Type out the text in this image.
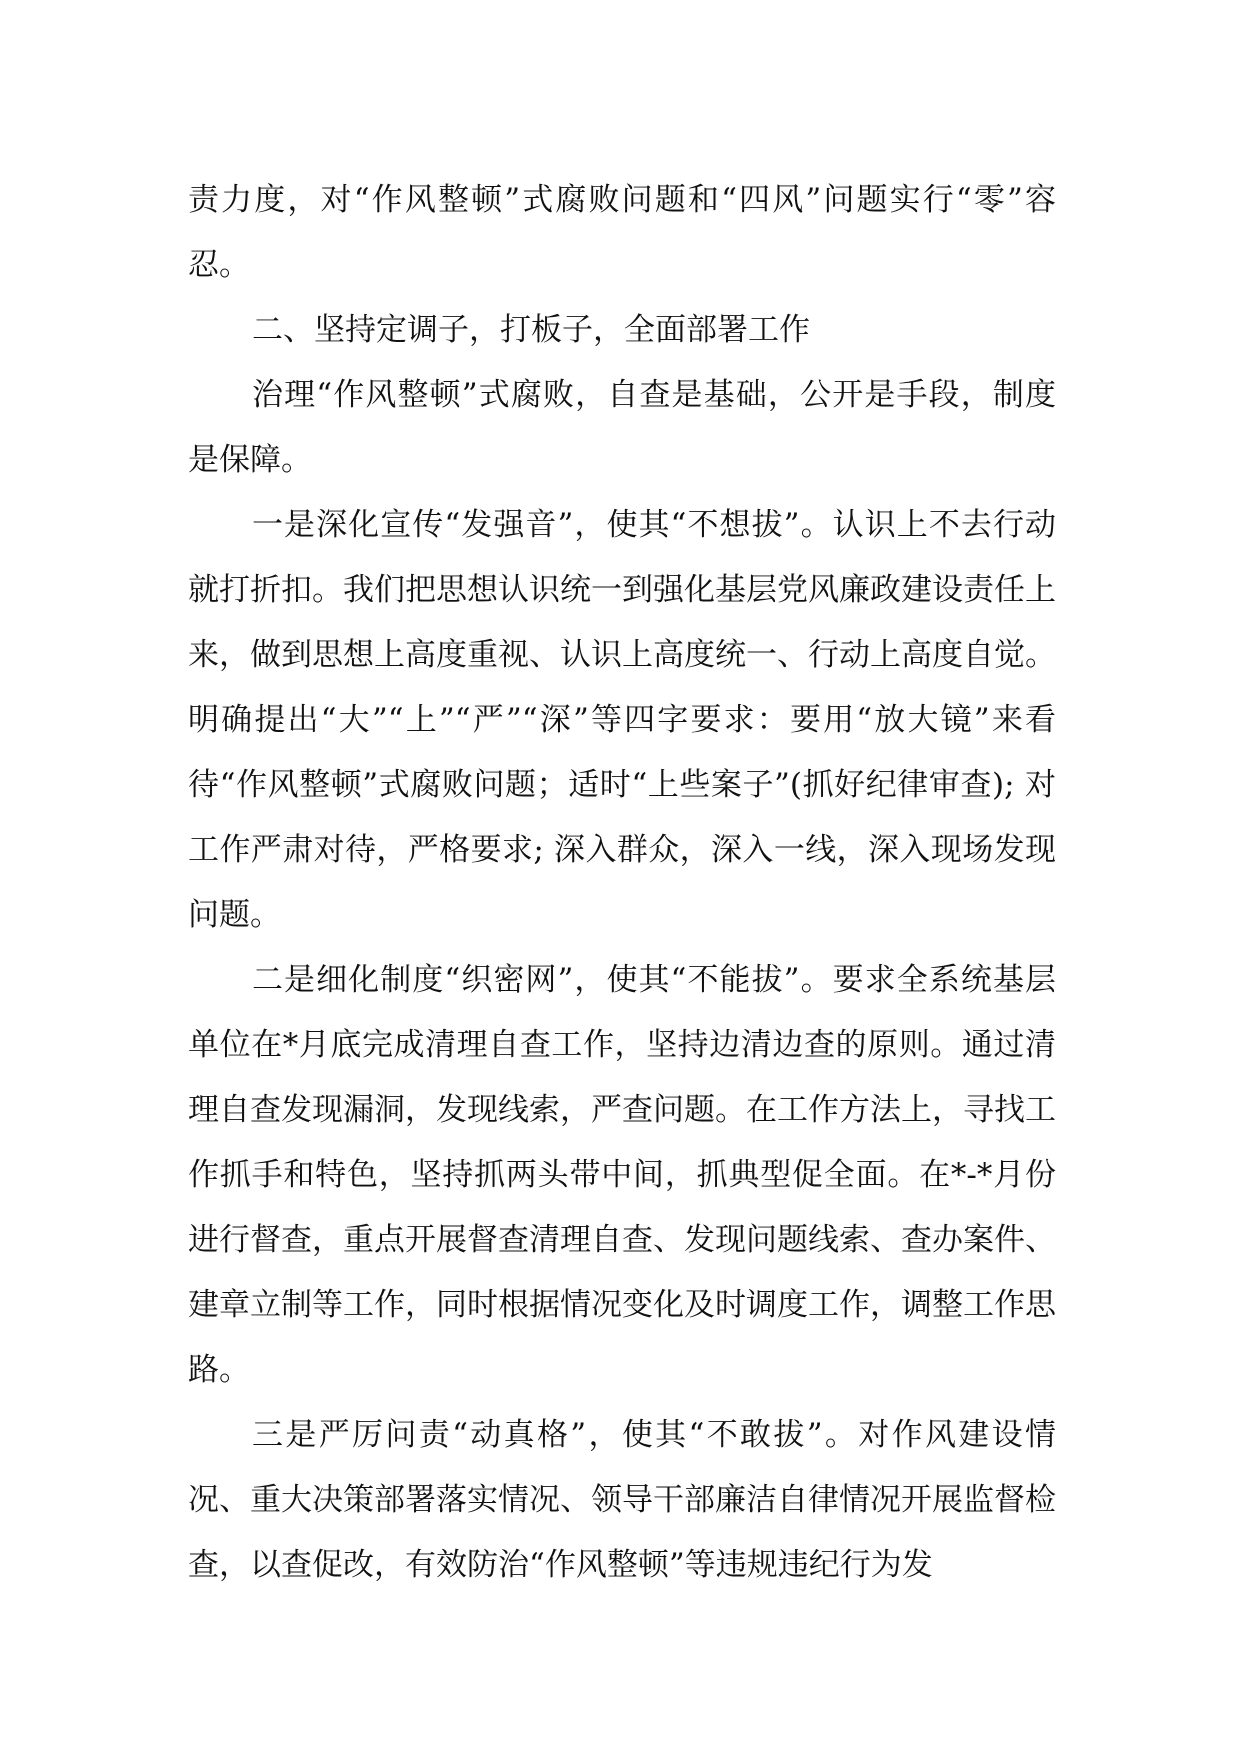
责力度，对“作风整顿”式腐败问题和“四风”问题实行“零”容忍。

二、坚持定调子，打板子，全面部署工作

治理“作风整顿”式腐败，自查是基础，公开是手段，制度是保障。

一是深化宣传“发强音”，使其“不想拔”。认识上不去行动就打折扣。我们把思想认识统一到强化基层党风廉政建设责任上来，做到思想上高度重视、认识上高度统一、行动上高度自觉。明确提出“大”“上”“严”“深”等四字要求：要用“放大镜”来看待“作风整顿”式腐败问题；适时“上些案子”(抓好纪律审查); 对工作严肃对待，严格要求; 深入群众，深入一线，深入现场发现问题。

二是细化制度“织密网”，使其“不能拔”。要求全系统基层单位在*月底完成清理自查工作，坚持边清边查的原则。通过清理自查发现漏洞，发现线索，严查问题。在工作方法上，寻找工作抓手和特色，坚持抓两头带中间，抓典型促全面。在*-*月份进行督查，重点开展督查清理自查、发现问题线索、查办案件、建章立制等工作，同时根据情况变化及时调度工作，调整工作思路。

三是严厉问责“动真格”，使其“不敢拔”。对作风建设情况、重大决策部署落实情况、领导干部廉洁自律情况开展监督检查，以查促改，有效防治“作风整顿”等违规违纪行为发
